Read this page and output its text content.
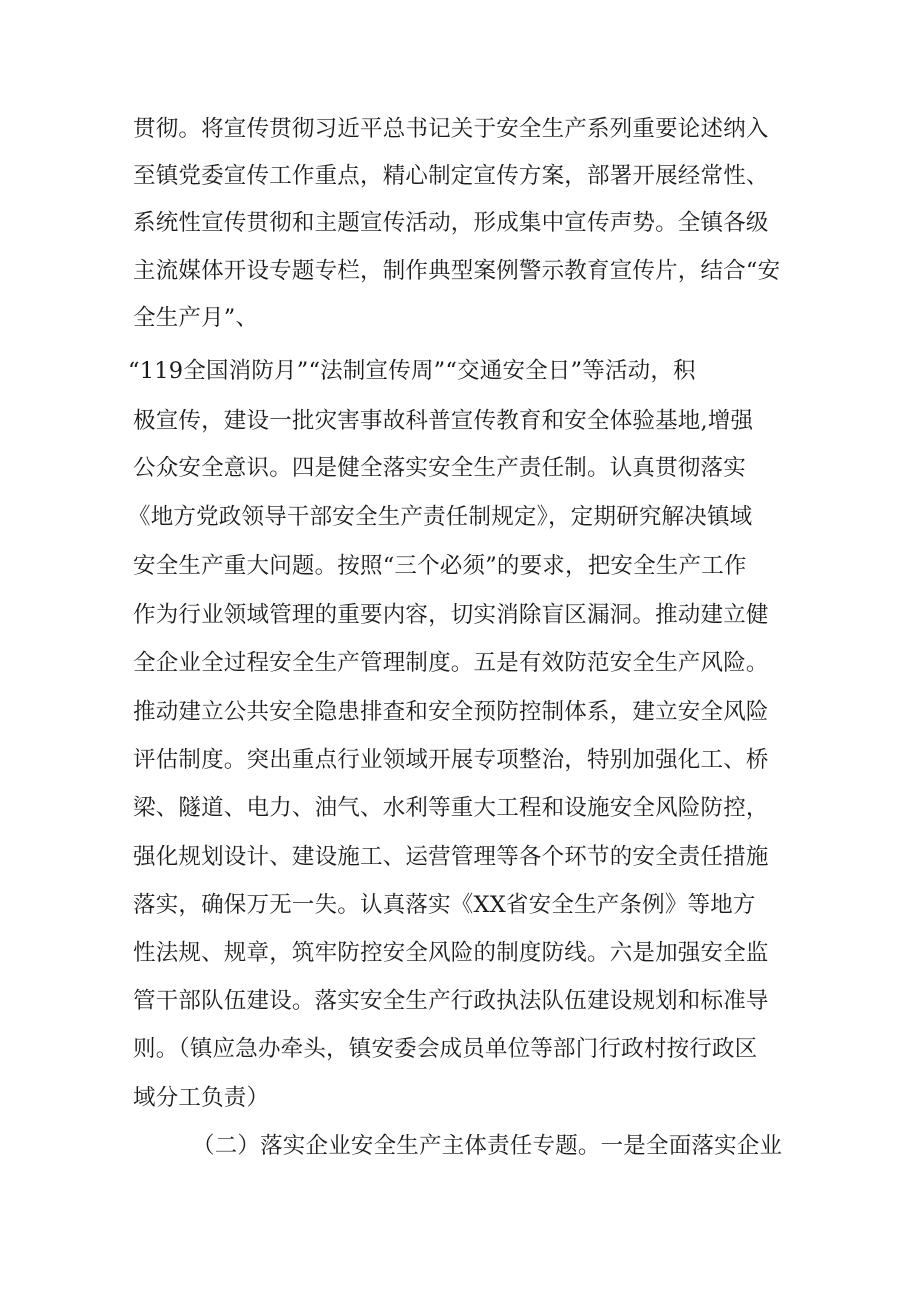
贯彻。将宣传贯彻习近平总书记关于安全生产系列重要论述纳入

至镇党委宣传工作重点，精心制定宣传方案，部署开展经常性、

系统性宣传贯彻和主题宣传活动，形成集中宣传声势。全镇各级

主流媒体开设专题专栏，制作典型案例警示教育宣传片，结合“安

全生产月”、

“119全国消防月”“法制宣传周”“交通安全日”等活动，积

极宣传，建设一批灾害事故科普宣传教育和安全体验基地,增强

公众安全意识。四是健全落实安全生产责任制。认真贯彻落实

《地方党政领导干部安全生产责任制规定》，定期研究解决镇域

安全生产重大问题。按照“三个必须”的要求，把安全生产工作

作为行业领域管理的重要内容，切实消除盲区漏洞。推动建立健

全企业全过程安全生产管理制度。五是有效防范安全生产风险。

推动建立公共安全隐患排查和安全预防控制体系，建立安全风险

评估制度。突出重点行业领域开展专项整治，特别加强化工、桥

梁、隧道、电力、油气、水利等重大工程和设施安全风险防控，

强化规划设计、建设施工、运营管理等各个环节的安全责任措施

落实，确保万无一失。认真落实《XX省安全生产条例》等地方

性法规、规章，筑牢防控安全风险的制度防线。六是加强安全监

管干部队伍建设。落实安全生产行政执法队伍建设规划和标准导

则。（镇应急办牵头，镇安委会成员单位等部门行政村按行政区

域分工负责）

（二）落实企业安全生产主体责任专题。一是全面落实企业
